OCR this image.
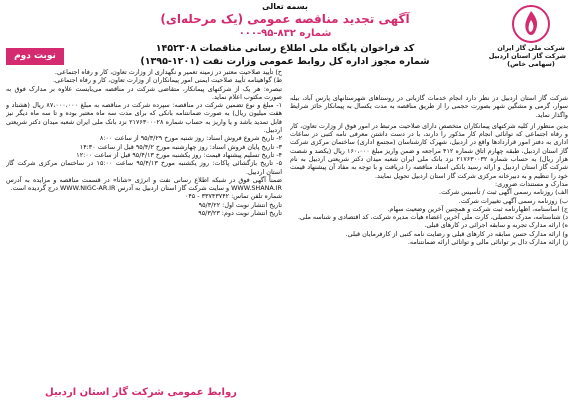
شرکت ملی گاز ایران
شرکت گاز استان اردبیل
(سهامی خاص)
بسمه تعالی
آگهی تجدید مناقصه عمومی (یک مرحله‌ای)
شماره ۸۳۲-۹۵-۰۰۰
کد فراخوان پایگاه ملی اطلاع رسانی مناقصات ۱۴۵۲۳۰۸
شماره مجوز اداره کل روابط عمومی وزارت نفت (۱۲۰۱-۱۳۹۵)
نوبت دوم

شرکت گاز استان اردبیل در نظر دارد انجام خدمات گازبانی در روستاهای شهرستانهای پارس آباد، بیله سوار، گرمی و مشگین شهر بصورت حجمی را از طریق مناقصه به مدت یکسال به پیمانکار حائز شرایط واگذار نماید.

بدین منظور از کلیه شرکتهای پیمانکاران متخصص دارای صلاحیت مرتبط در امور فوق از وزارت تعاون، کار و رفاه اجتماعی که توانائی انجام کار مذکور را دارند، با در دست داشتن معرفی نامه کتبی در ساعات اداری به دفتر امور قراردادها واقع در اردبیل، شهرک کارشناسان (مجتمع اداری) ساختمان مرکزی شرکت گاز استان اردبیل، طبقه چهارم اتاق شماره ۴۱۲ مراجعه و ضمن واریز مبلغ ۱۶۰،۰۰۰ ریال (یکصد و شصت هزار ریال) به حساب شماره ۲۱۷۶۳۰۰۳۲ نزد بانک ملی ایران شعبه میدان دکتر شریعتی اردبیل به نام شرکت گاز استان اردبیل و ارائه رسید بانکی اسناد مناقصه را دریافت و با توجه به مفاد آن پیشنهاد قیمت خود را تنظیم و به دبیرخانه مرکزی شرکت گاز استان اردبیل تحویل نمایند.

مدارک و مستندات ضروری:

الف) روزنامه رسمی آگهی ثبت / تأسیس شرکت.

ب) روزنامه رسمی آگهی تغییرات شرکت.

ج) اساسنامه، اظهارنامه ثبت شرکت و همچنین آخرین وضعیت سهام.

د) شناسنامه، مدرک تحصیلی، کارت ملی آخرین اعضاء هیأت مدیره شرکت، کد اقتصادی و شناسه ملی.

ه) ارائه مدارک تجربه و سابقه اجرائی در کارهای قبلی.

و) ارائه مدارک حسن سابقه در کارهای قبلی و رضایت نامه کتبی از کارفرمایان قبلی.

ز) ارائه مدارک دال بر توانائی مالی و توانائی ارائه ضمانتنامه.

ح) تأیید صلاحیت معتبر در زمینه تعمیر و نگهداری از وزارت تعاون، کار و رفاه اجتماعی.

ط) گواهینامه تأیید صلاحیت ایمنی امور پیمانکاران از وزارت تعاون، کار و رفاه اجتماعی.

تبصره: هر یک از شرکتهای پیمانکار، متقاضی شرکت در مناقصه می‌بایست علاوه بر مدارک فوق به صورت مکتوب اعلام نماید.

۱- مبلغ و نوع تضمین شرکت در مناقصه: سپرده شرکت در مناقصه به مبلغ ۸۷،۰۰۰،۰۰۰ ریال (هشتاد و هفت میلیون ریال) به صورت ضمانتنامه بانکی که برای مدت سه ماه معتبر بوده و تا سه ماه دیگر نیز قابل تمدید باشد و یا واریز به حساب شماره ۲۱۷۶۳۰۰۰۲۸ نزد بانک ملی ایران شعبه میدان دکتر شریعتی اردبیل.

۲- تاریخ شروع فروش اسناد: روز شنبه مورخ ۹۵/۳/۲۹ از ساعت ۸:۰۰

۳- تاریخ پایان فروش اسناد: روز چهارشنبه مورخ ۹۵/۴/۲ قبل از ساعت ۱۴:۳۰

۴- تاریخ تسلیم پیشنهاد قیمت: روز یکشنبه مورخ ۹۵/۴/۱۳ قبل از ساعت ۱۲:۰۰

۵- تاریخ بازگشائی پاکات: روز یکشنبه مورخ ۹۵/۴/۱۳ ساعت ۱۵:۰۰ در ساختمان مرکزی شرکت گاز استان اردبیل.

ضمناً آگهی فوق در شبکه اطلاع رسانی نفت و انرژی «شانا» در قسمت مناقصه و مزایده به آدرس WWW.SHANA.IR و سایت شرکت گاز استان اردبیل به آدرس WWW.NIGC-AR.IR درج گردیده است.

شماره تلفن تماس: ۳۳۷۴۳۷۴۲ - ۰۴۵

تاریخ انتشار نوبت اول: ۹۵/۳/۲۲

تاریخ انتشار نوبت دوم: ۹۵/۳/۲۳

روابط عمومی شرکت گاز استان اردبیل
